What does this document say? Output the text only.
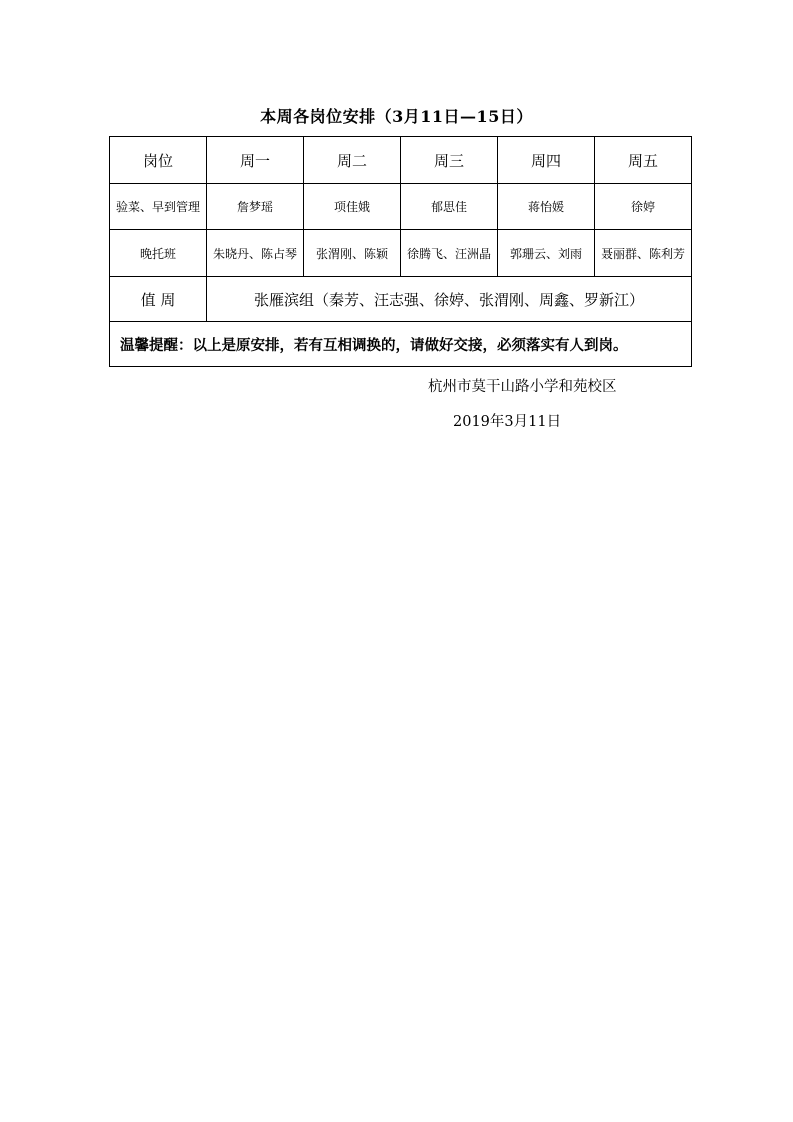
本周各岗位安排（3月11日—15日）
岗位	周一	周二	周三	周四	周五
验菜、早到管理	詹梦瑶	项佳娥	郁思佳	蒋怡媛	徐婷
晚托班	朱晓丹、陈占琴	张渭刚、陈颖	徐腾飞、汪洲晶	郭珊云、刘雨	聂丽群、陈利芳
值 周	张雁滨组（秦芳、汪志强、徐婷、张渭刚、周鑫、罗新江）				
温馨提醒：以上是原安排，若有互相调换的，请做好交接，必须落实有人到岗。					
杭州市莫干山路小学和苑校区
2019年3月11日
